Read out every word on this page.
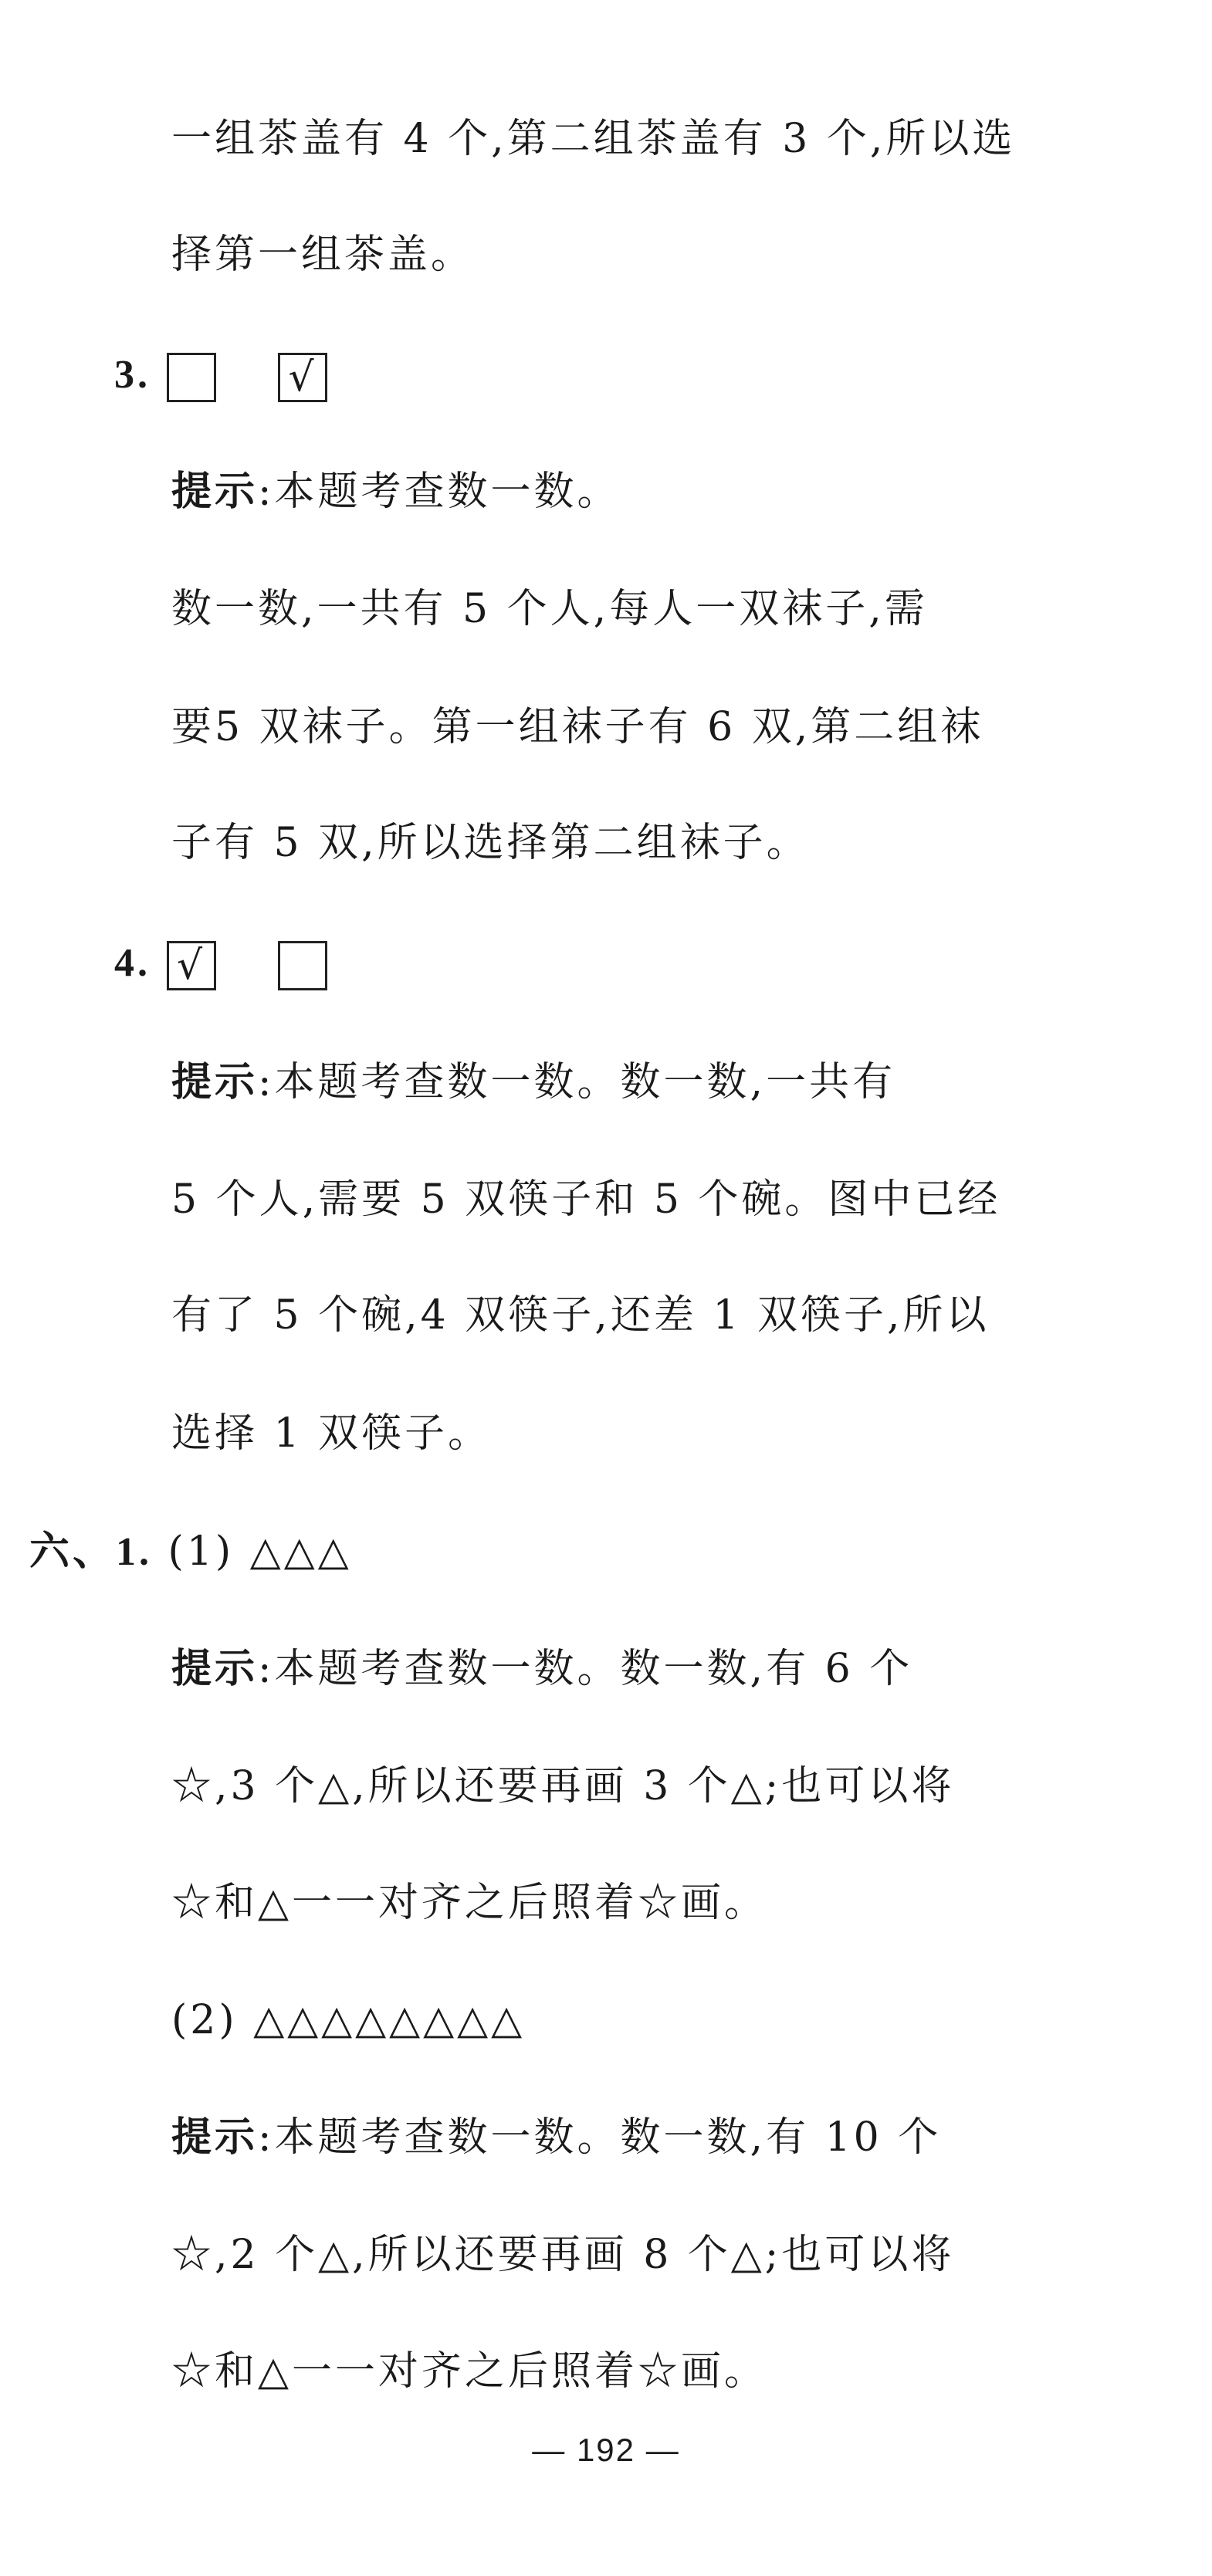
一组茶盖有 4 个,第二组茶盖有 3 个,所以选
择第一组茶盖。
3.	√
提示:本题考查数一数。
数一数,一共有 5 个人,每人一双袜子,需
要5 双袜子。第一组袜子有 6 双,第二组袜
子有 5 双,所以选择第二组袜子。
4. √
提示:本题考查数一数。数一数,一共有
5 个人,需要 5 双筷子和 5 个碗。图中已经
有了 5 个碗,4 双筷子,还差 1 双筷子,所以
选择 1 双筷子。
六、1. (1) △△△
提示:本题考查数一数。数一数,有 6 个
☆,3 个△,所以还要再画 3 个△;也可以将
☆和△一一对齐之后照着☆画。
(2) △△△△△△△△
提示:本题考查数一数。数一数,有 10 个
☆,2 个△,所以还要再画 8 个△;也可以将
☆和△一一对齐之后照着☆画。
— 192 —
